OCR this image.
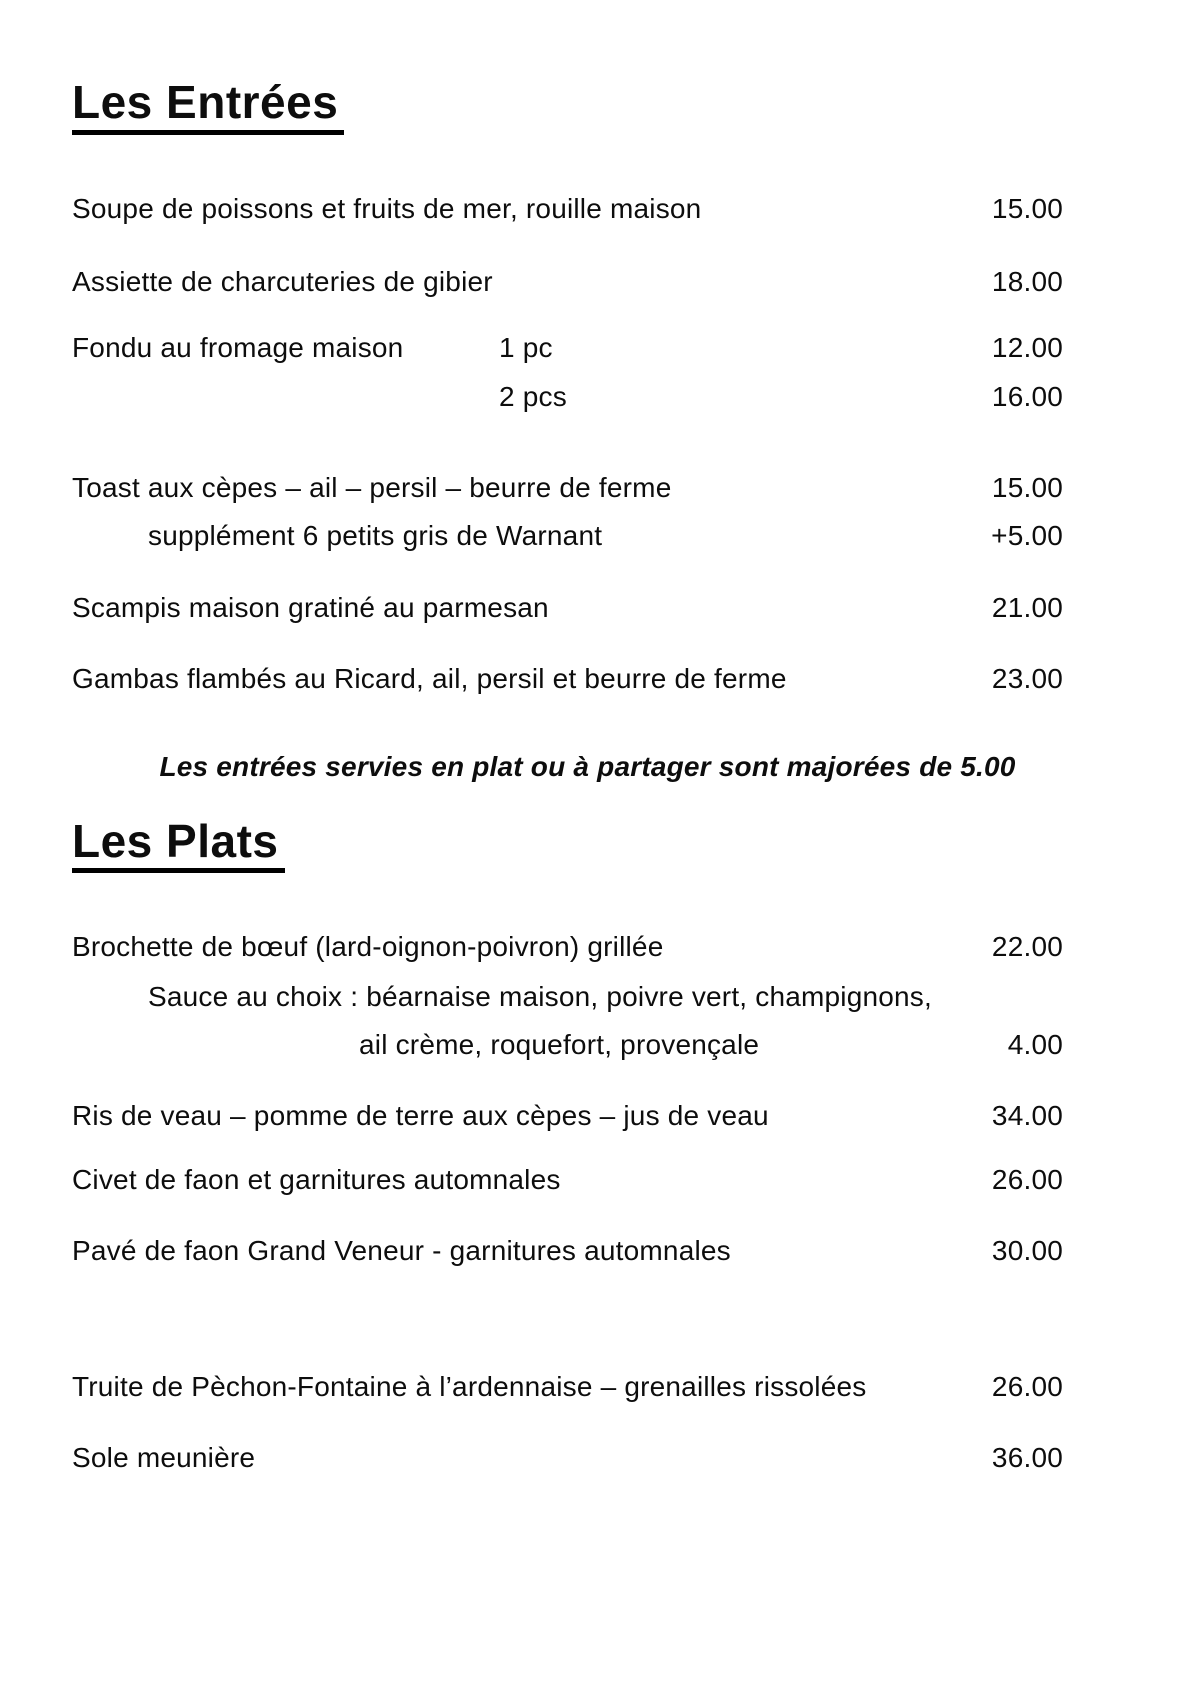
Les Entrées
Soupe de poissons et fruits de mer, rouille maison	15.00
Assiette de charcuteries de gibier	18.00
Fondu au fromage maison	1 pc	12.00
2 pcs	16.00
Toast aux cèpes – ail – persil – beurre de ferme	15.00
supplément 6 petits gris de Warnant	+5.00
Scampis maison gratiné au parmesan	21.00
Gambas flambés au Ricard, ail, persil et beurre de ferme	23.00

Les entrées servies en plat ou à partager sont majorées de 5.00

Les Plats
Brochette de bœuf (lard-oignon-poivron) grillée	22.00
Sauce au choix : béarnaise maison, poivre vert, champignons,
ail crème, roquefort, provençale	4.00
Ris de veau – pomme de terre aux cèpes – jus de veau	34.00
Civet de faon et garnitures automnales	26.00
Pavé de faon Grand Veneur - garnitures automnales	30.00
Truite de Pèchon-Fontaine à l’ardennaise – grenailles rissolées	26.00
Sole meunière	36.00
